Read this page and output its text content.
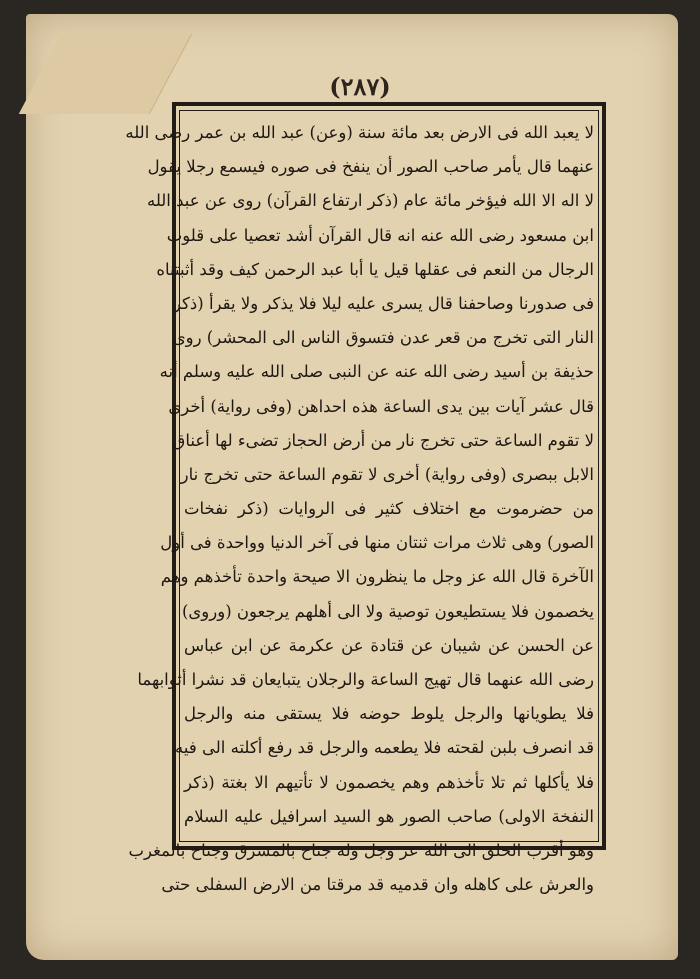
(٢٨٧)
لا يعبد الله فى الارض بعد مائة سنة (وعن) عبد الله بن عمر رضى الله
عنهما قال يأمر صاحب الصور أن ينفخ فى صوره فيسمع رجلا يقول
لا اله الا الله فيؤخر مائة عام (ذكر ارتفاع القرآن) روى عن عبد الله
ابن مسعود رضى الله عنه انه قال القرآن أشد تعصيا على قلوب
الرجال من النعم فى عقلها قيل يا أبا عبد الرحمن كيف وقد أثبتناه
فى صدورنا وصاحفنا قال يسرى عليه ليلا فلا يذكر ولا يقرأ (ذكر
النار التى تخرج من قعر عدن فتسوق الناس الى المحشر) روى
حذيفة بن أسيد رضى الله عنه عن النبى صلى الله عليه وسلم أنه
قال عشر آيات بين يدى الساعة هذه احداهن (وفى رواية) أخرى
لا تقوم الساعة حتى تخرج نار من أرض الحجاز تضىء لها أعناق
الابل ببصرى (وفى رواية) أخرى لا تقوم الساعة حتى تخرج نار
من حضرموت مع اختلاف كثير فى الروايات (ذكر نفخات
الصور) وهى ثلاث مرات ثنتان منها فى آخر الدنيا وواحدة فى أول
الآخرة قال الله عز وجل ما ينظرون الا صيحة واحدة تأخذهم وهم
يخصمون فلا يستطيعون توصية ولا الى أهلهم يرجعون (وروى)
عن الحسن عن شيبان عن قتادة عن عكرمة عن ابن عباس
رضى الله عنهما قال تهيج الساعة والرجلان يتبايعان قد نشرا أثوابهما
فلا يطويانها والرجل يلوط حوضه فلا يستقى منه والرجل
قد انصرف بلبن لقحته فلا يطعمه والرجل قد رفع أكلته الى فيه
فلا يأكلها ثم تلا تأخذهم وهم يخصمون لا تأتيهم الا بغتة (ذكر
النفخة الاولى) صاحب الصور هو السيد اسرافيل عليه السلام
وهو أقرب الخلق الى الله عز وجل وله جناح بالمشرق وجناح بالمغرب
والعرش على كاهله وان قدميه قد مرقتا من الارض السفلى حتى
